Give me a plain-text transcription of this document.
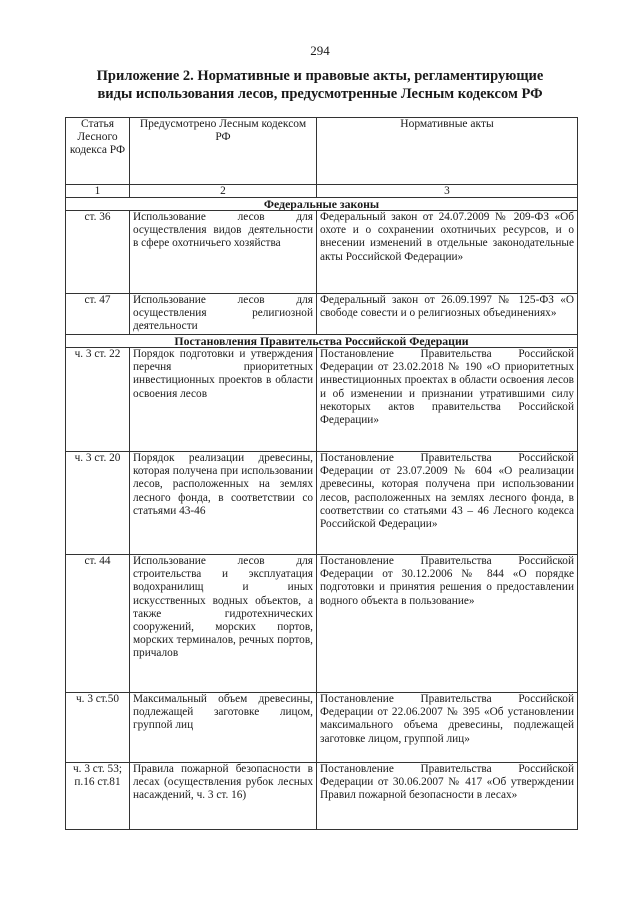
294
Приложение 2. Нормативные и правовые акты, регламентирующие
виды использования лесов, предусмотренные Лесным кодексом РФ
Статья Лесного кодекса РФ	Предусмотрено Лесным кодексом РФ	Нормативные акты
1	2	3
Федеральные законы		
ст. 36	Использование лесов для осуществления видов деятельности в сфере охотничьего хозяйства	Федеральный закон от 24.07.2009 № 209-ФЗ «Об охоте и о сохранении охотничьих ресурсов, и о внесении изменений в отдельные законодательные акты Российской Федерации»
ст. 47	Использование лесов для осуществления религиозной деятельности	Федеральный закон от 26.09.1997 № 125-ФЗ «О свободе совести и о религиозных объединениях»
Постановления Правительства Российской Федерации		
ч. 3 ст. 22	Порядок подготовки и утверждения перечня приоритетных инвестиционных проектов в области освоения лесов	Постановление Правительства Российской Федерации от 23.02.2018 № 190 «О приоритетных инвестиционных проектах в области освоения лесов и об изменении и признании утратившими силу некоторых актов правительства Российской Федерации»
ч. 3 ст. 20	Порядок реализации древесины, которая получена при использовании лесов, расположенных на землях лесного фонда, в соответствии со статьями 43-46	Постановление Правительства Российской Федерации от 23.07.2009 № 604 «О реализации древесины, которая получена при использовании лесов, расположенных на землях лесного фонда, в соответствии со статьями 43 – 46 Лесного кодекса Российской Федерации»
ст. 44	Использование лесов для строительства и эксплуатация водохранилищ и иных искусственных водных объектов, а также гидротехнических сооружений, морских портов, морских терминалов, речных портов, причалов	Постановление Правительства Российской Федерации от 30.12.2006 № 844 «О порядке подготовки и принятия решения о предоставлении водного объекта в пользование»
ч. 3 ст.50	Максимальный объем древесины, подлежащей заготовке лицом, группой лиц	Постановление Правительства Российской Федерации от 22.06.2007 № 395 «Об установлении максимального объема древесины, подлежащей заготовке лицом, группой лиц»
ч. 3 ст. 53; п.16 ст.81	Правила пожарной безопасности в лесах (осуществления рубок лесных насаждений, ч. 3 ст. 16)	Постановление Правительства Российской Федерации от 30.06.2007 № 417 «Об утверждении Правил пожарной безопасности в лесах»
